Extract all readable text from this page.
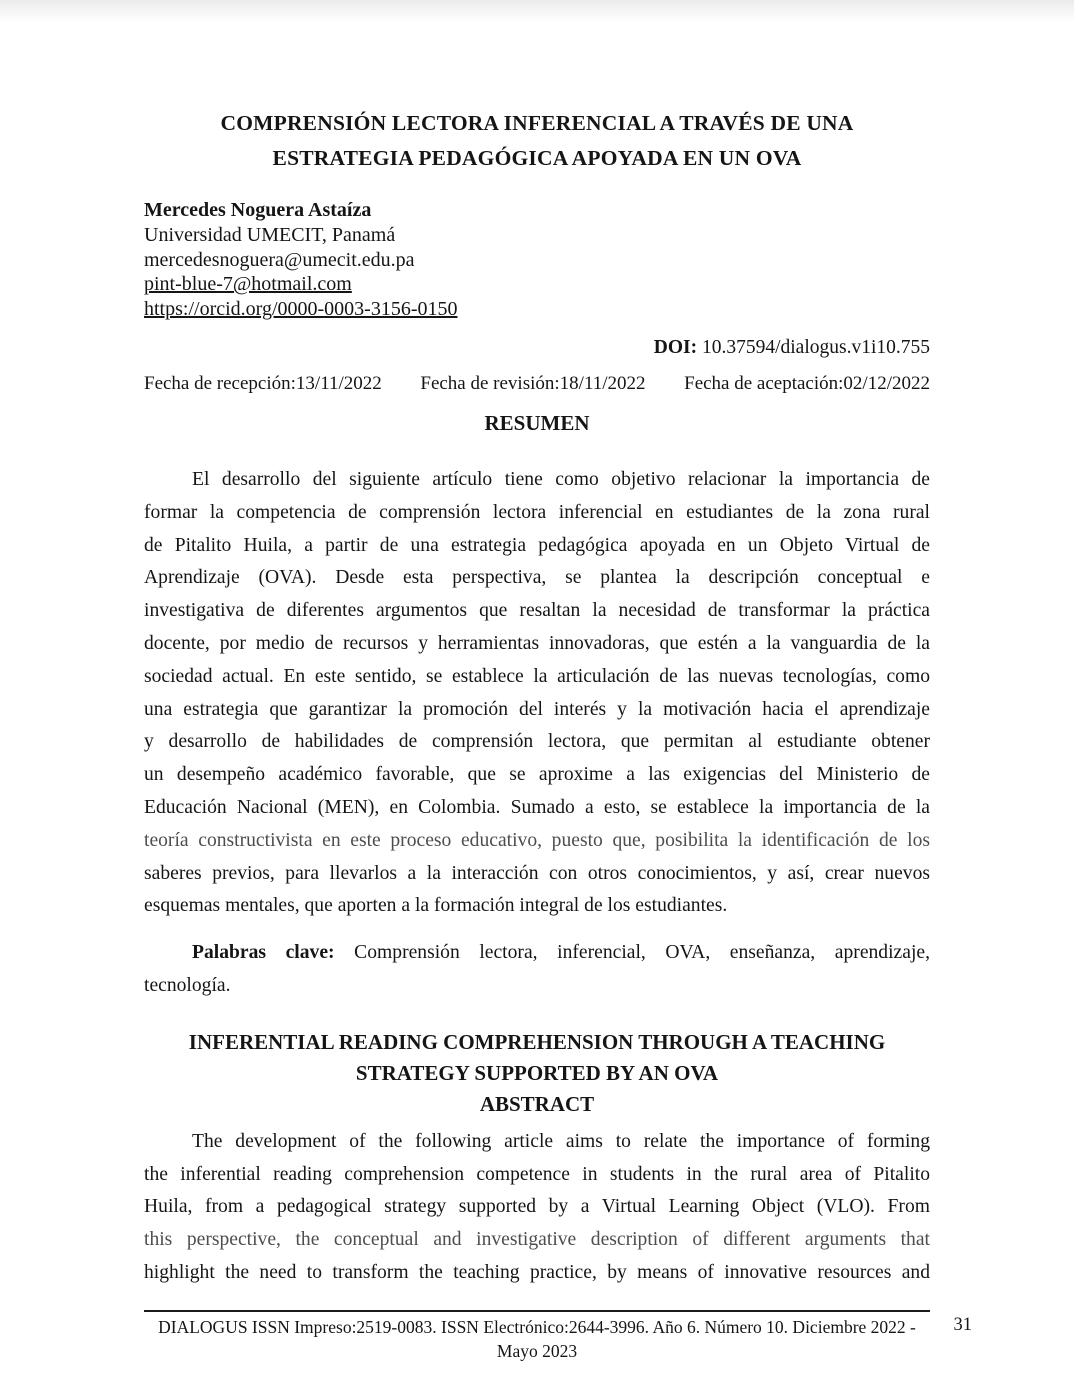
COMPRENSIÓN LECTORA INFERENCIAL A TRAVÉS DE UNA
ESTRATEGIA PEDAGÓGICA APOYADA EN UN OVA
Mercedes Noguera Astaíza
Universidad UMECIT, Panamá
mercedesnoguera@umecit.edu.pa
pint-blue-7@hotmail.com
https://orcid.org/0000-0003-3156-0150
DOI: 10.37594/dialogus.v1i10.755
Fecha de recepción:13/11/2022 Fecha de revisión:18/11/2022 Fecha de aceptación:02/12/2022
RESUMEN
El desarrollo del siguiente artículo tiene como objetivo relacionar la importancia de
formar la competencia de comprensión lectora inferencial en estudiantes de la zona rural
de Pitalito Huila, a partir de una estrategia pedagógica apoyada en un Objeto Virtual de
Aprendizaje (OVA). Desde esta perspectiva, se plantea la descripción conceptual e
investigativa de diferentes argumentos que resaltan la necesidad de transformar la práctica
docente, por medio de recursos y herramientas innovadoras, que estén a la vanguardia de la
sociedad actual. En este sentido, se establece la articulación de las nuevas tecnologías, como
una estrategia que garantizar la promoción del interés y la motivación hacia el aprendizaje
y desarrollo de habilidades de comprensión lectora, que permitan al estudiante obtener
un desempeño académico favorable, que se aproxime a las exigencias del Ministerio de
Educación Nacional (MEN), en Colombia. Sumado a esto, se establece la importancia de la
teoría constructivista en este proceso educativo, puesto que, posibilita la identificación de los
saberes previos, para llevarlos a la interacción con otros conocimientos, y así, crear nuevos
esquemas mentales, que aporten a la formación integral de los estudiantes.
Palabras clave: Comprensión lectora, inferencial, OVA, enseñanza, aprendizaje,
tecnología.
INFERENTIAL READING COMPREHENSION THROUGH A TEACHING
STRATEGY SUPPORTED BY AN OVA
ABSTRACT
The development of the following article aims to relate the importance of forming
the inferential reading comprehension competence in students in the rural area of Pitalito
Huila, from a pedagogical strategy supported by a Virtual Learning Object (VLO). From
this perspective, the conceptual and investigative description of different arguments that
highlight the need to transform the teaching practice, by means of innovative resources and
DIALOGUS ISSN Impreso:2519-0083. ISSN Electrónico:2644-3996. Año 6. Número 10. Diciembre 2022 - Mayo 2023
31
